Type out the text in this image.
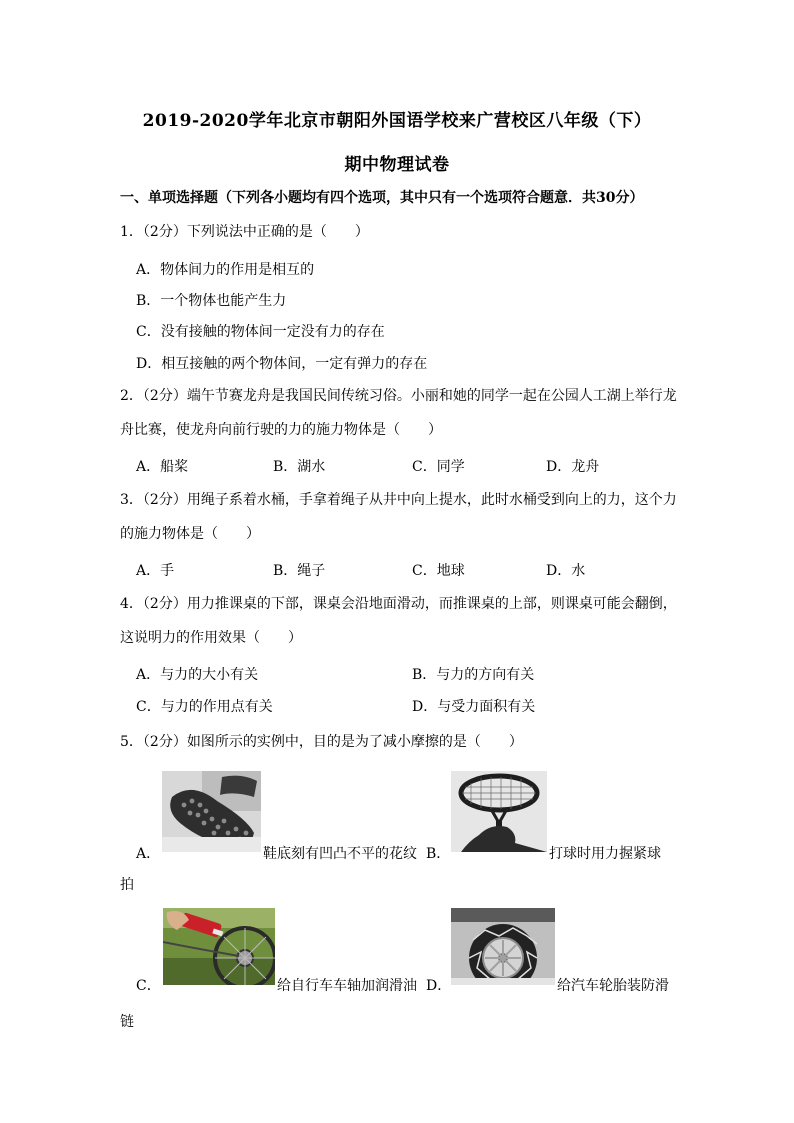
2019-2020学年北京市朝阳外国语学校来广营校区八年级（下）
期中物理试卷
一、单项选择题（下列各小题均有四个选项，其中只有一个选项符合题意．共30分）
1．（2分）下列说法中正确的是（　　）
A．物体间力的作用是相互的
B．一个物体也能产生力
C．没有接触的物体间一定没有力的存在
D．相互接触的两个物体间，一定有弹力的存在
2．（2分）端午节赛龙舟是我国民间传统习俗。小丽和她的同学一起在公园人工湖上举行龙
舟比赛，使龙舟向前行驶的力的施力物体是（　　）
A．船桨	B．湖水	C．同学	D．龙舟
3．（2分）用绳子系着水桶，手拿着绳子从井中向上提水，此时水桶受到向上的力，这个力
的施力物体是（　　）
A．手	B．绳子	C．地球	D．水
4．（2分）用力推课桌的下部，课桌会沿地面滑动，而推课桌的上部，则课桌可能会翻倒，
这说明力的作用效果（　　）
A．与力的大小有关	B．与力的方向有关
C．与力的作用点有关	D．与受力面积有关
5．（2分）如图所示的实例中，目的是为了减小摩擦的是（　　）
A．	鞋底刻有凹凸不平的花纹 B．	打球时用力握紧球
拍
C．	给自行车车轴加润滑油 D．	给汽车轮胎装防滑
链
